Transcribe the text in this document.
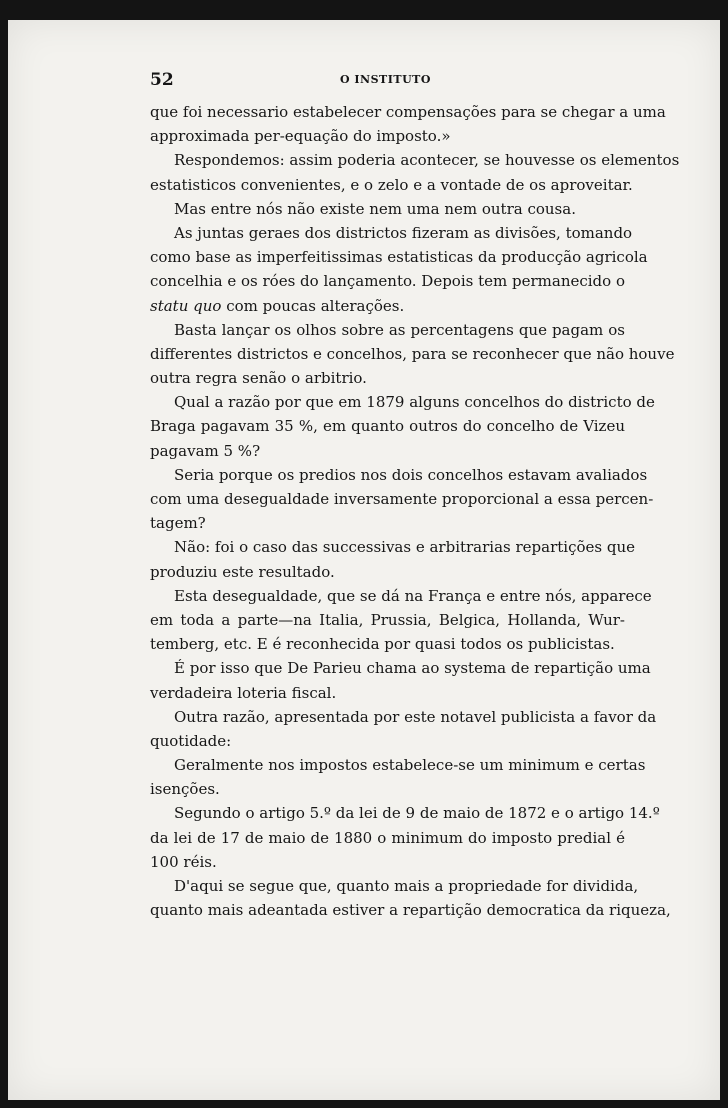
52	O INSTITUTO
que foi necessario estabelecer compensações para se chegar a uma
approximada per-equação do imposto.»
Respondemos: assim poderia acontecer, se houvesse os elementos
estatisticos convenientes, e o zelo e a vontade de os aproveitar.
Mas entre nós não existe nem uma nem outra cousa.
As juntas geraes dos districtos fizeram as divisões, tomando
como base as imperfeitissimas estatisticas da producção agricola
concelhia e os róes do lançamento. Depois tem permanecido o
statu quo com poucas alterações.
Basta lançar os olhos sobre as percentagens que pagam os
differentes districtos e concelhos, para se reconhecer que não houve
outra regra senão o arbitrio.
Qual a razão por que em 1879 alguns concelhos do districto de
Braga pagavam 35 %, em quanto outros do concelho de Vizeu
pagavam 5 %?
Seria porque os predios nos dois concelhos estavam avaliados
com uma desegualdade inversamente proporcional a essa percen-
tagem?
Não: foi o caso das successivas e arbitrarias repartições que
produziu este resultado.
Esta desegualdade, que se dá na França e entre nós, apparece
em toda a parte—na Italia, Prussia, Belgica, Hollanda, Wur-
temberg, etc. E é reconhecida por quasi todos os publicistas.
É por isso que De Parieu chama ao systema de repartição uma
verdadeira loteria fiscal.
Outra razão, apresentada por este notavel publicista a favor da
quotidade:
Geralmente nos impostos estabelece-se um minimum e certas
isenções.
Segundo o artigo 5.º da lei de 9 de maio de 1872 e o artigo 14.º
da lei de 17 de maio de 1880 o minimum do imposto predial é
100 réis.
D'aqui se segue que, quanto mais a propriedade for dividida,
quanto mais adeantada estiver a repartição democratica da riqueza,
